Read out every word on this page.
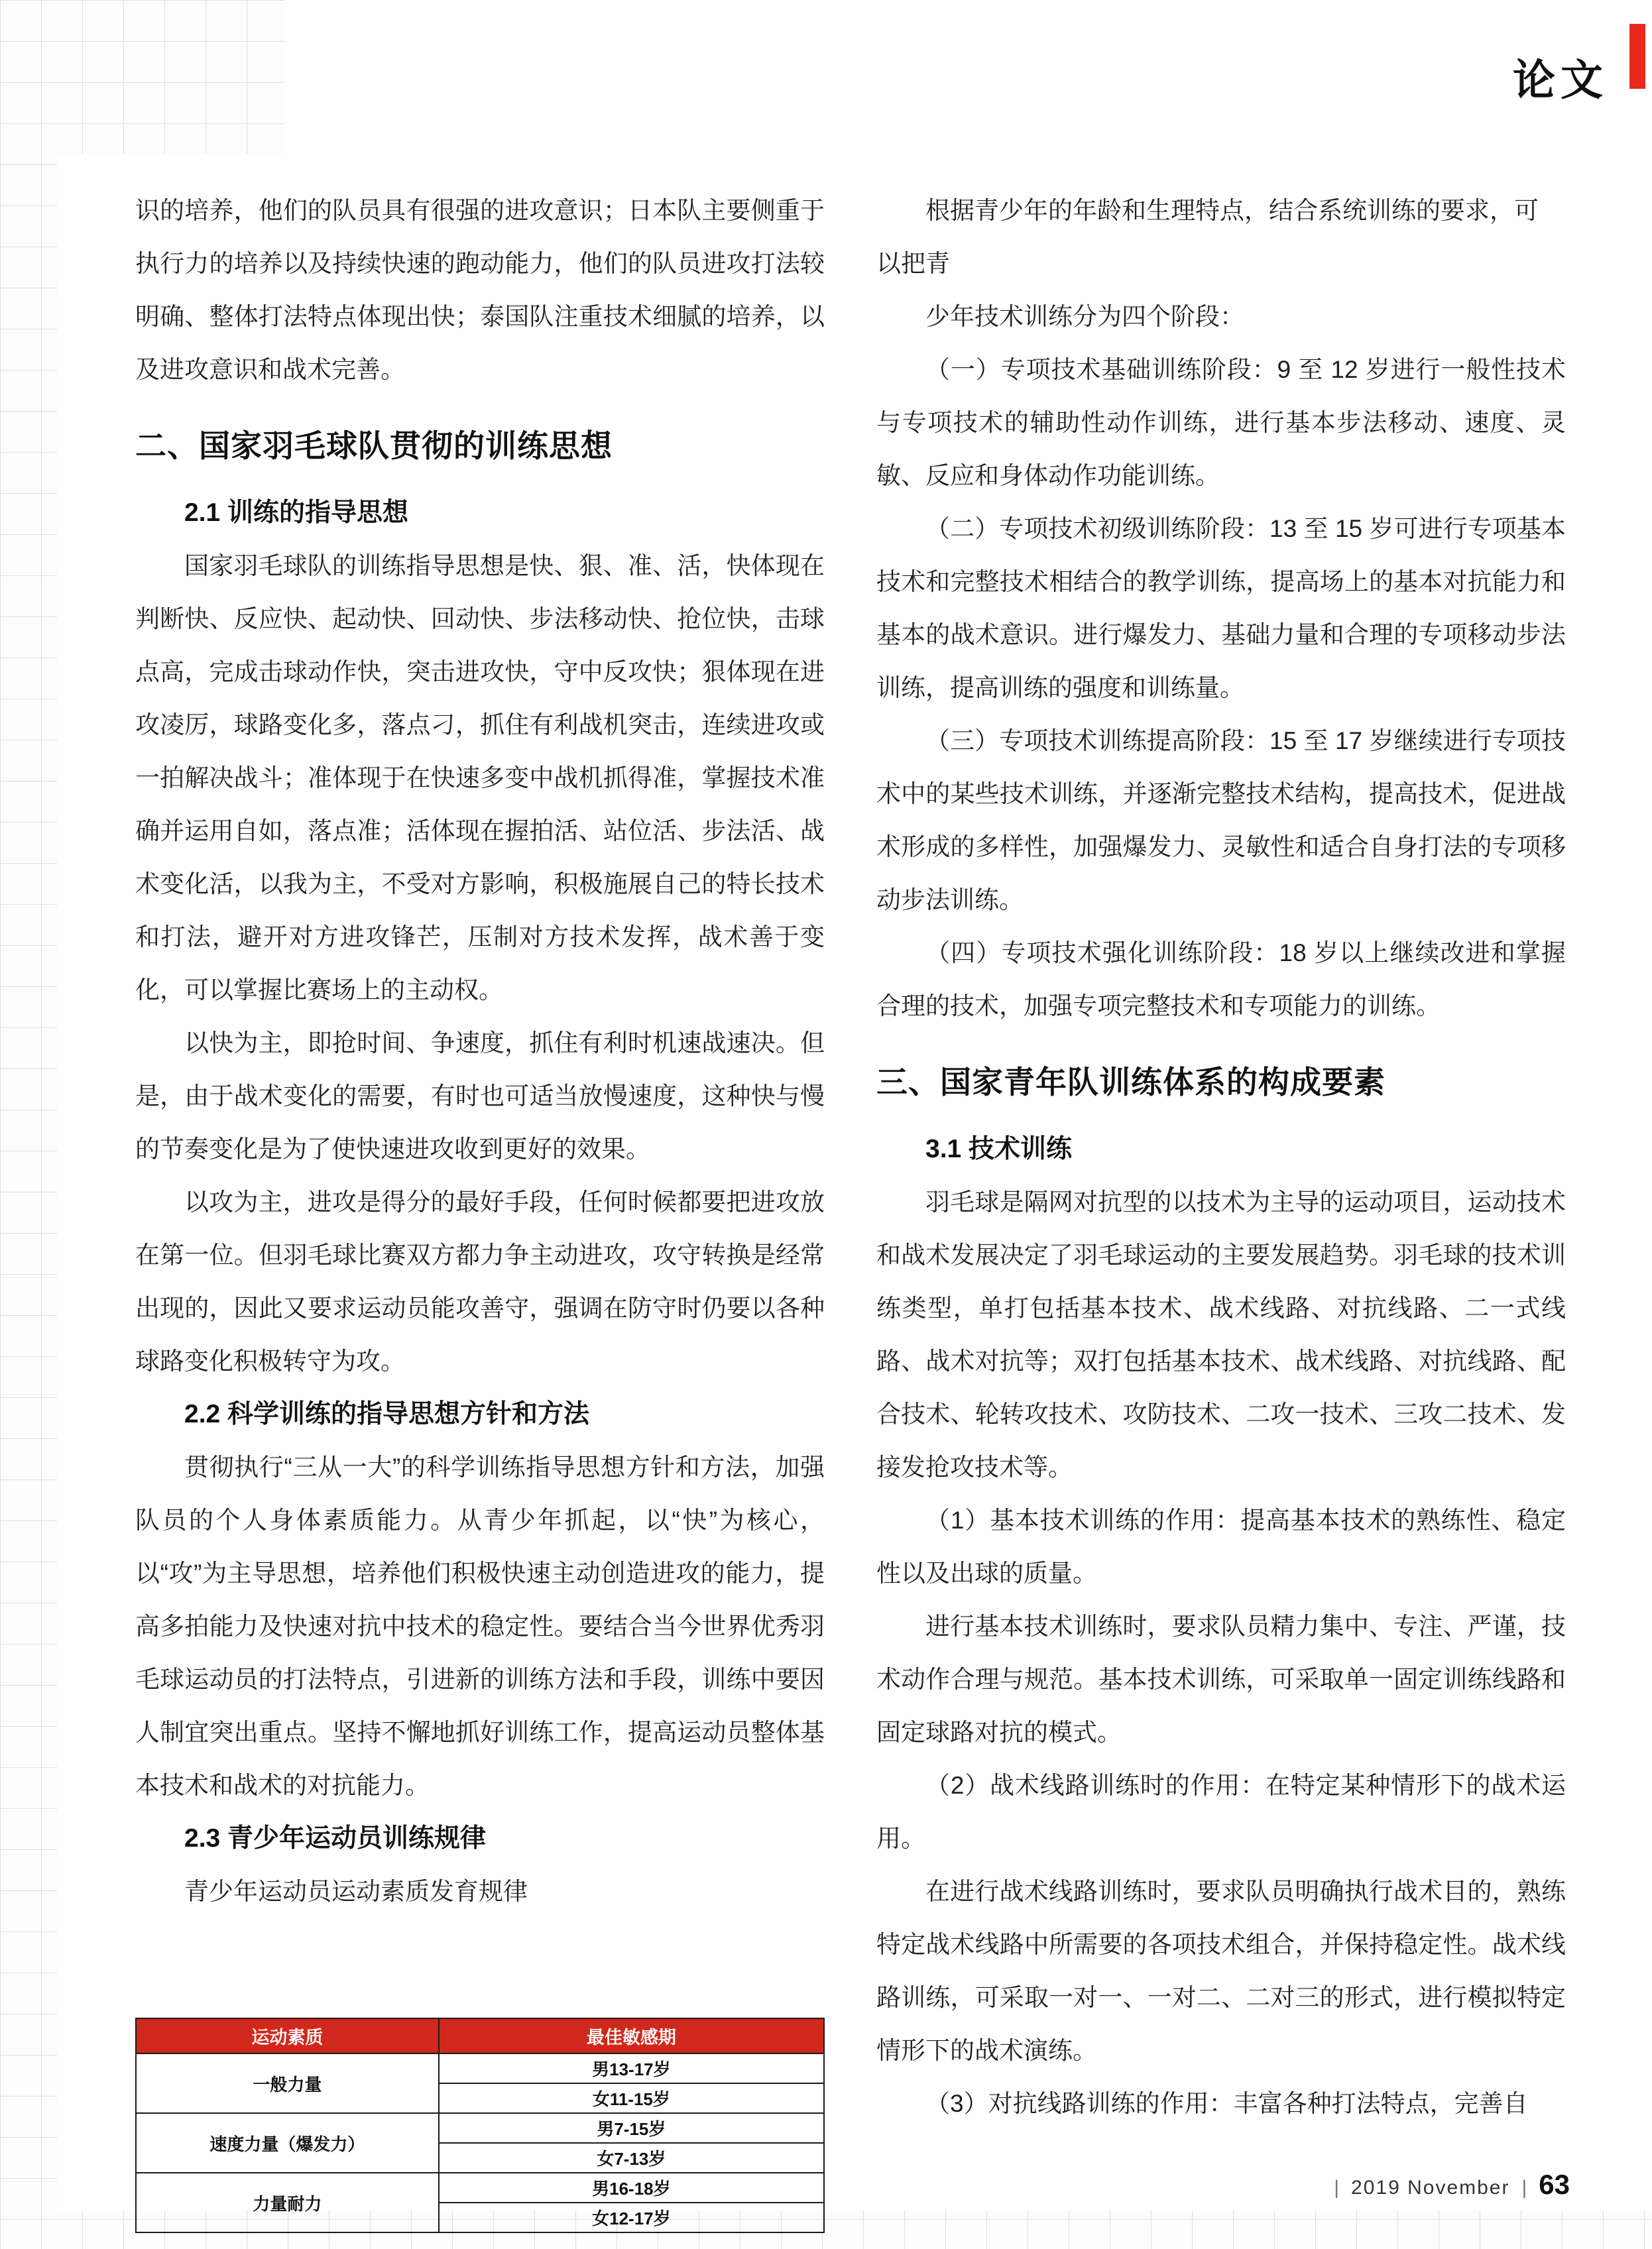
论文

识的培养，他们的队员具有很强的进攻意识；日本队主要侧重于执行力的培养以及持续快速的跑动能力，他们的队员进攻打法较明确、整体打法特点体现出快；泰国队注重技术细腻的培养，以及进攻意识和战术完善。

二、国家羽毛球队贯彻的训练思想
2.1 训练的指导思想

国家羽毛球队的训练指导思想是快、狠、准、活，快体现在判断快、反应快、起动快、回动快、步法移动快、抢位快，击球点高，完成击球动作快，突击进攻快，守中反攻快；狠体现在进攻凌厉，球路变化多，落点刁，抓住有利战机突击，连续进攻或一拍解决战斗；准体现于在快速多变中战机抓得准，掌握技术准确并运用自如，落点准；活体现在握拍活、站位活、步法活、战术变化活，以我为主，不受对方影响，积极施展自己的特长技术和打法，避开对方进攻锋芒，压制对方技术发挥，战术善于变化，可以掌握比赛场上的主动权。

以快为主，即抢时间、争速度，抓住有利时机速战速决。但是，由于战术变化的需要，有时也可适当放慢速度，这种快与慢的节奏变化是为了使快速进攻收到更好的效果。

以攻为主，进攻是得分的最好手段，任何时候都要把进攻放在第一位。但羽毛球比赛双方都力争主动进攻，攻守转换是经常出现的，因此又要求运动员能攻善守，强调在防守时仍要以各种球路变化积极转守为攻。

2.2 科学训练的指导思想方针和方法

贯彻执行“三从一大”的科学训练指导思想方针和方法，加强队员的个人身体素质能力。从青少年抓起，以“快”为核心，以“攻”为主导思想，培养他们积极快速主动创造进攻的能力，提高多拍能力及快速对抗中技术的稳定性。要结合当今世界优秀羽毛球运动员的打法特点，引进新的训练方法和手段，训练中要因人制宜突出重点。坚持不懈地抓好训练工作，提高运动员整体基本技术和战术的对抗能力。

2.3 青少年运动员训练规律

青少年运动员运动素质发育规律

运动素质	最佳敏感期
一般力量	男13-17岁
	女11-15岁
速度力量（爆发力）	男7-15岁
	女7-13岁
力量耐力	男16-18岁
	女12-17岁

根据青少年的年龄和生理特点，结合系统训练的要求，可

以把青

少年技术训练分为四个阶段：

（一）专项技术基础训练阶段：9 至 12 岁进行一般性技术与专项技术的辅助性动作训练，进行基本步法移动、速度、灵敏、反应和身体动作功能训练。

（二）专项技术初级训练阶段：13 至 15 岁可进行专项基本技术和完整技术相结合的教学训练，提高场上的基本对抗能力和基本的战术意识。进行爆发力、基础力量和合理的专项移动步法训练，提高训练的强度和训练量。

（三）专项技术训练提高阶段：15 至 17 岁继续进行专项技术中的某些技术训练，并逐渐完整技术结构，提高技术，促进战术形成的多样性，加强爆发力、灵敏性和适合自身打法的专项移动步法训练。

（四）专项技术强化训练阶段：18 岁以上继续改进和掌握合理的技术，加强专项完整技术和专项能力的训练。

三、国家青年队训练体系的构成要素
3.1 技术训练

羽毛球是隔网对抗型的以技术为主导的运动项目，运动技术和战术发展决定了羽毛球运动的主要发展趋势。羽毛球的技术训练类型，单打包括基本技术、战术线路、对抗线路、二一式线路、战术对抗等；双打包括基本技术、战术线路、对抗线路、配合技术、轮转攻技术、攻防技术、二攻一技术、三攻二技术、发接发抢攻技术等。

（1）基本技术训练的作用：提高基本技术的熟练性、稳定性以及出球的质量。

进行基本技术训练时，要求队员精力集中、专注、严谨，技术动作合理与规范。基本技术训练，可采取单一固定训练线路和固定球路对抗的模式。

（2）战术线路训练时的作用：在特定某种情形下的战术运用。

在进行战术线路训练时，要求队员明确执行战术目的，熟练特定战术线路中所需要的各项技术组合，并保持稳定性。战术线路训练，可采取一对一、一对二、二对三的形式，进行模拟特定情形下的战术演练。

（3）对抗线路训练的作用：丰富各种打法特点，完善自

| 2019 November | 63
